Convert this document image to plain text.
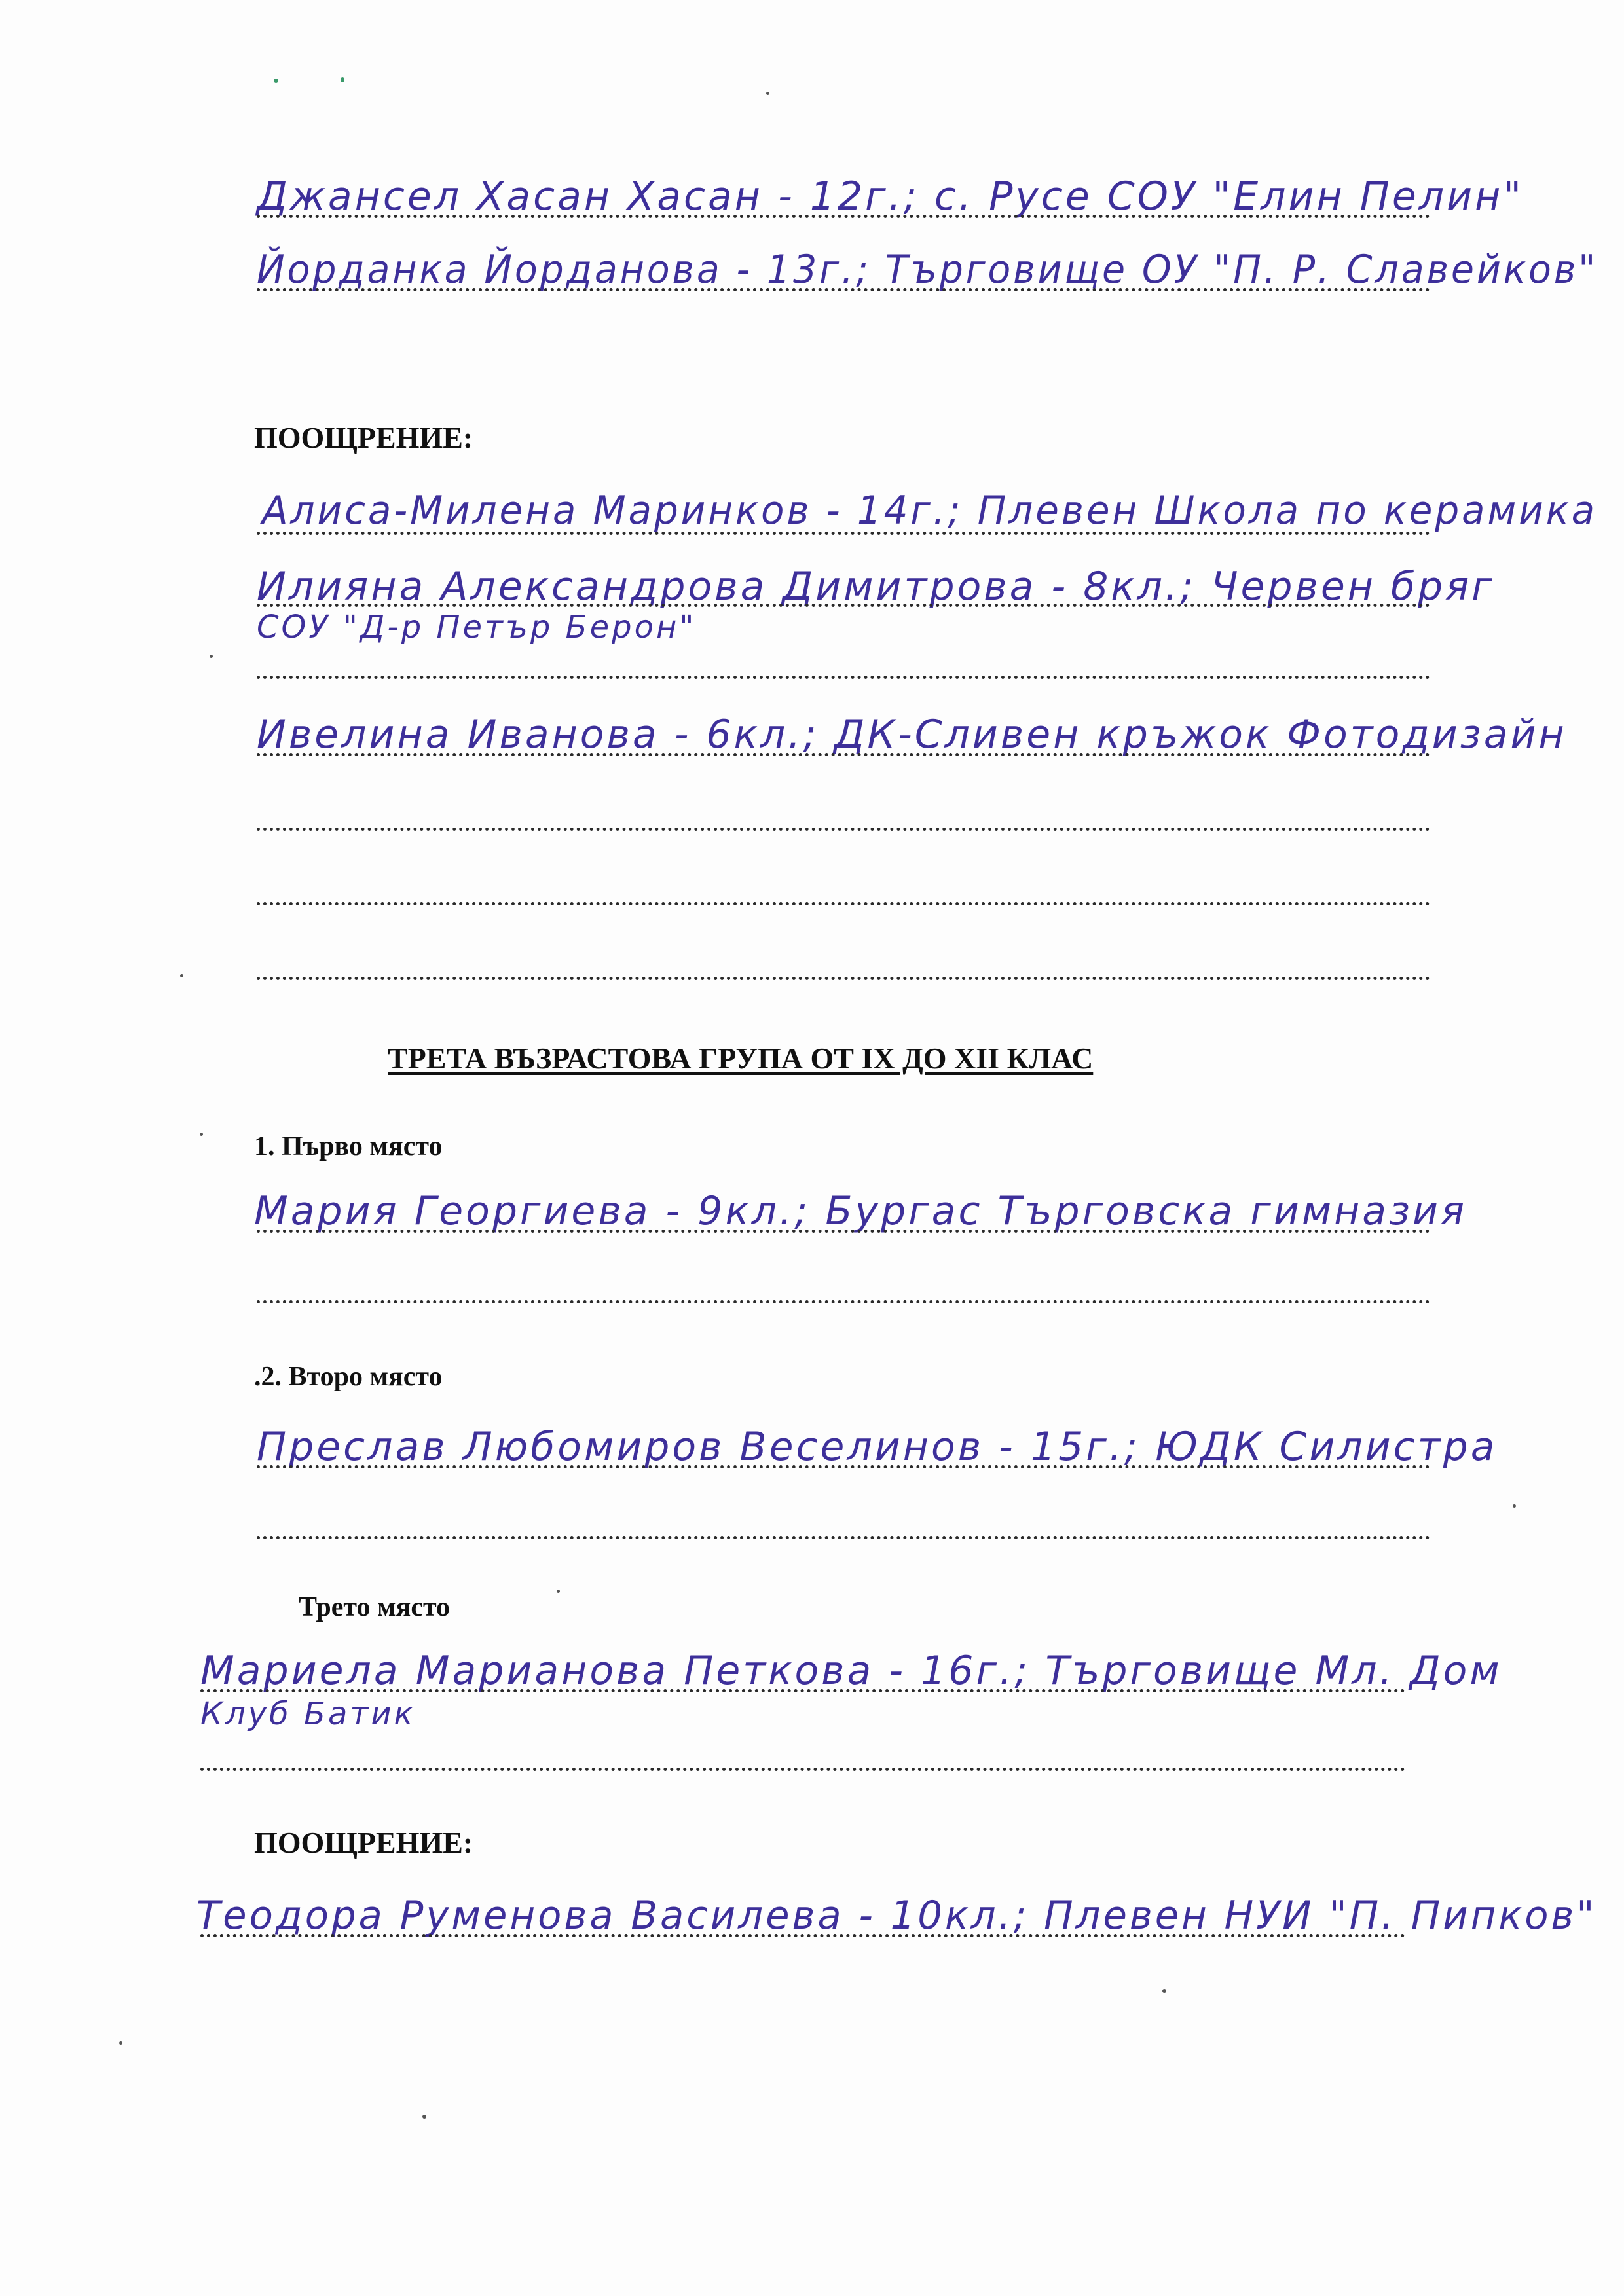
Джансел Хасан Хасан - 12г.; с. Русе СОУ "Елин Пелин"
Йорданка Йорданова - 13г.; Търговище ОУ "П. Р. Славейков"
ПООЩРЕНИЕ:
Алиса-Милена Маринков - 14г.; Плевен Школа по керамика
Илияна Александрова Димитрова - 8кл.; Червен бряг
СОУ "Д-р Петър Берон"
Ивелина Иванова - 6кл.; ДК-Сливен кръжок Фотодизайн
ТРЕТА ВЪЗРАСТОВА ГРУПА ОТ IX ДО XII КЛАС
1. Първо място
Мария Георгиева - 9кл.; Бургас Търговска гимназия
.2. Второ място
Преслав Любомиров Веселинов - 15г.; ЮДК Силистра
Трето място
Мариела Марианова Петкова - 16г.; Търговище Мл. Дом
Клуб Батик
ПООЩРЕНИЕ:
Теодора Руменова Василева - 10кл.; Плевен НУИ "П. Пипков"
